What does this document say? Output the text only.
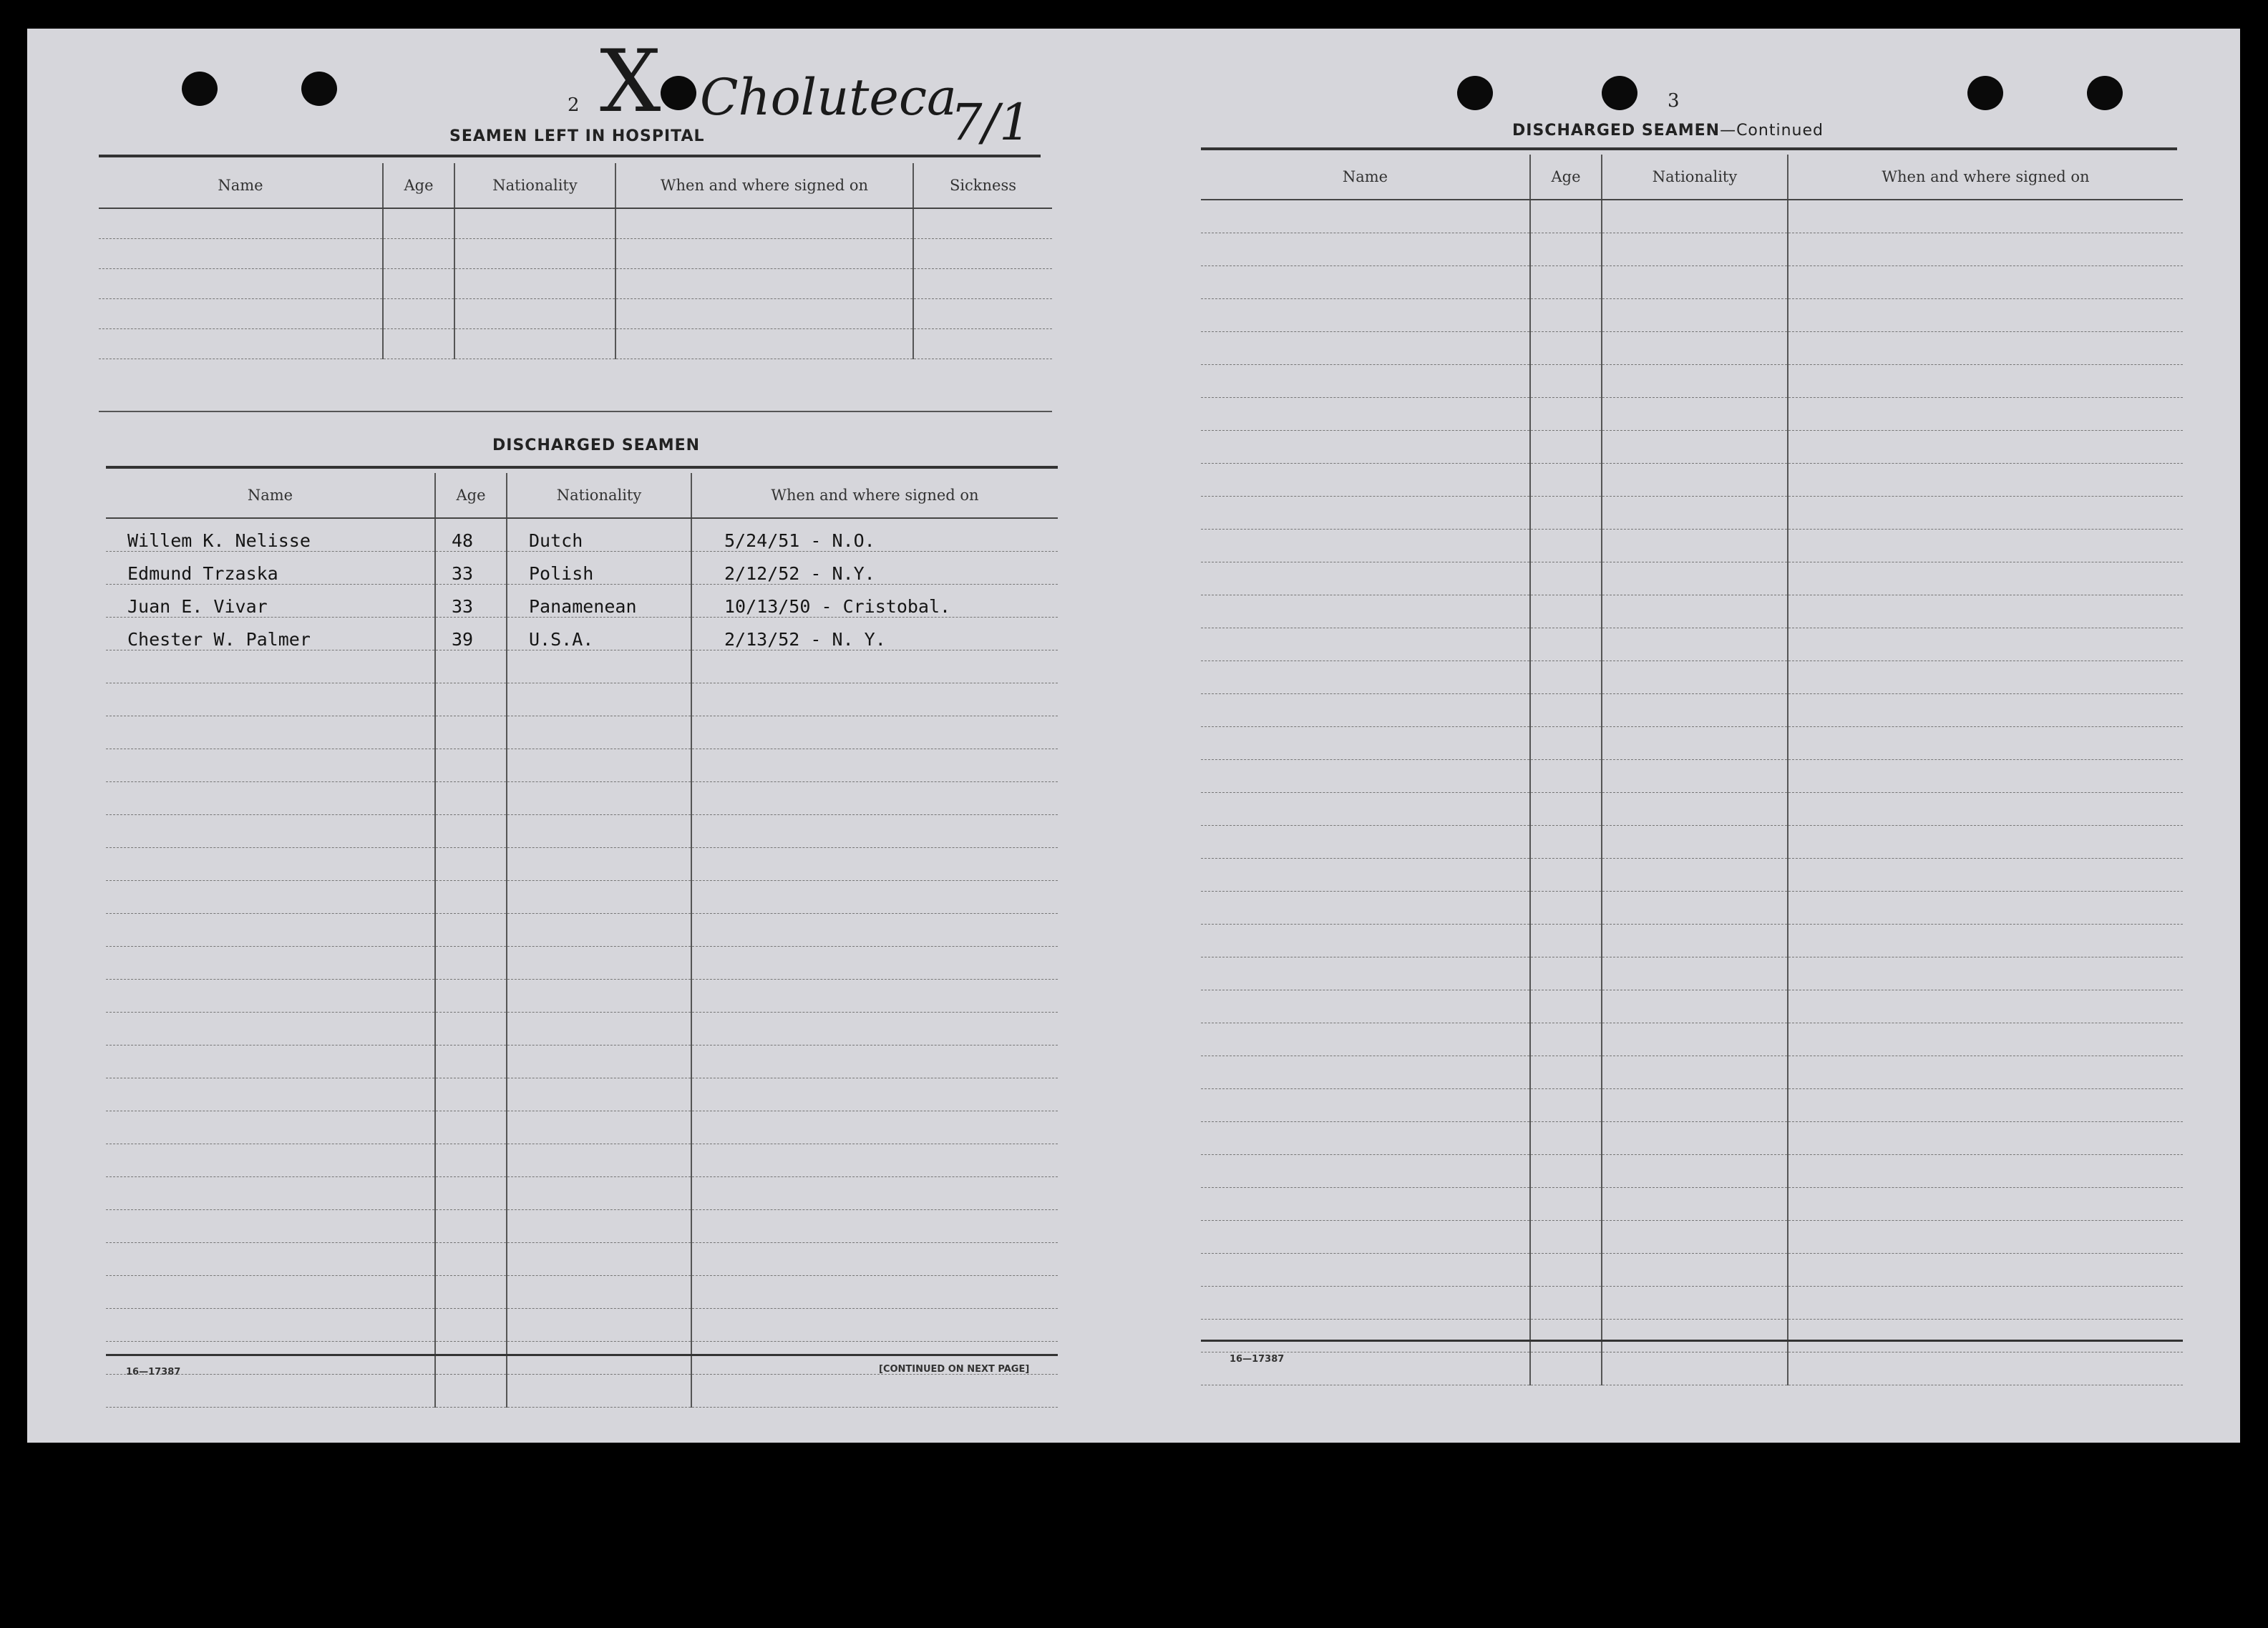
2 X Choluteca
7/1
SEAMEN LEFT IN HOSPITAL
Name	Age	Nationality	When and where signed on	Sickness

DISCHARGED SEAMEN
Name	Age	Nationality	When and where signed on
Willem K. Nelisse	48	Dutch	5/24/51 - N.O.
Edmund Trzaska	33	Polish	2/12/52 - N.Y.
Juan E. Vivar	33	Panamenean	10/13/50 - Cristobal.
Chester W. Palmer	39	U.S.A.	2/13/52 - N. Y.

16—17387	[CONTINUED ON NEXT PAGE]
3
DISCHARGED SEAMEN—Continued
Name	Age	Nationality	When and where signed on

16—17387
